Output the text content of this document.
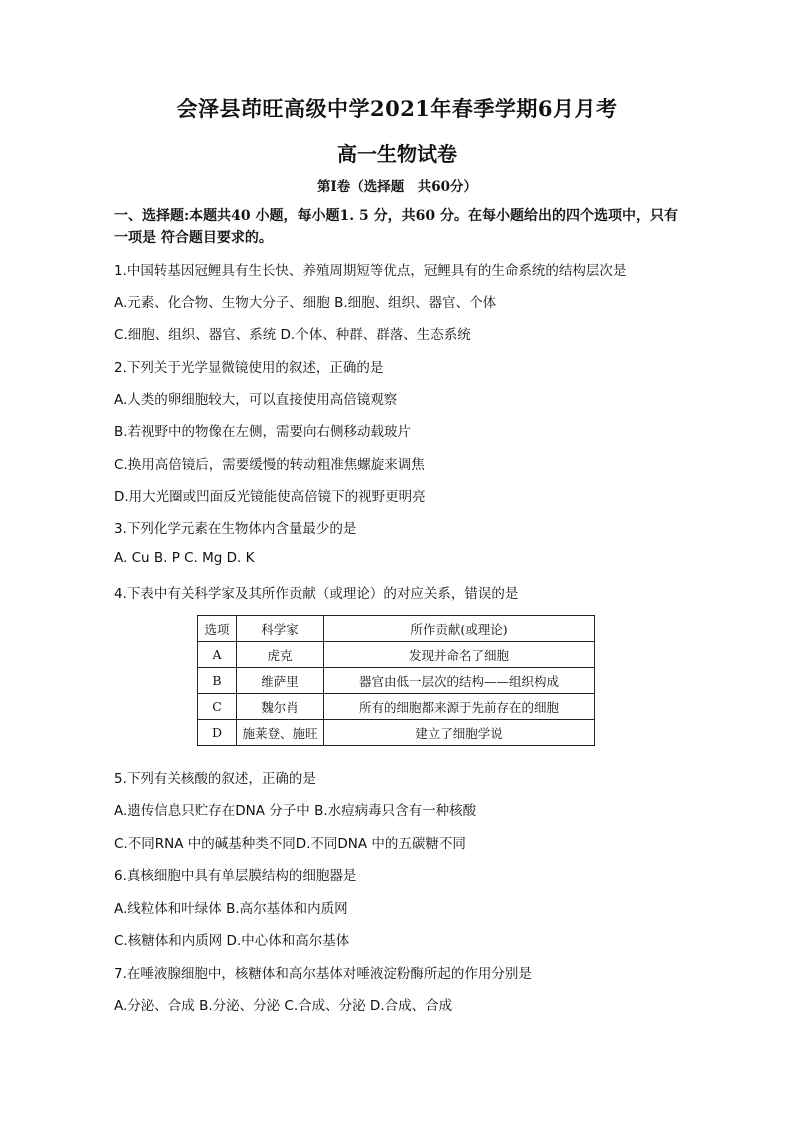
会泽县茚旺高级中学2021年春季学期6月月考
高一生物试卷
第Ⅰ卷（选择题　共60分）
一、选择题:本题共40 小题，每小题1. 5 分，共60 分。在每小题给出的四个选项中，只有一项是 符合题目要求的。
1.中国转基因冠鲤具有生长快、养殖周期短等优点，冠鲤具有的生命系统的结构层次是
A.元素、化合物、生物大分子、细胞 B.细胞、组织、器官、个体
C.细胞、组织、器官、系统 D.个体、种群、群落、生态系统
2.下列关于光学显微镜使用的叙述，正确的是
A.人类的卵细胞较大，可以直接使用高倍镜观察
B.若视野中的物像在左侧，需要向右侧移动载玻片
C.换用高倍镜后，需要缓慢的转动粗准焦螺旋来调焦
D.用大光圈或凹面反光镜能使高倍镜下的视野更明亮
3.下列化学元素在生物体内含量最少的是
A. Cu B. P C. Mg D. K
4.下表中有关科学家及其所作贡献（或理论）的对应关系，错误的是
选项	科学家	所作贡献(或理论)
A	虎克	发现并命名了细胞
B	维萨里	器官由低一层次的结构——组织构成
C	魏尔肖	所有的细胞都来源于先前存在的细胞
D	施莱登、施旺	建立了细胞学说
5.下列有关核酸的叙述，正确的是
A.遗传信息只贮存在DNA 分子中 B.水痘病毒只含有一种核酸
C.不同RNA 中的碱基种类不同D.不同DNA 中的五碳糖不同
6.真核细胞中具有单层膜结构的细胞器是
A.线粒体和叶绿体 B.高尔基体和内质网
C.核糖体和内质网 D.中心体和高尔基体
7.在唾液腺细胞中，核糖体和高尔基体对唾液淀粉酶所起的作用分别是
A.分泌、合成 B.分泌、分泌 C.合成、分泌 D.合成、合成
